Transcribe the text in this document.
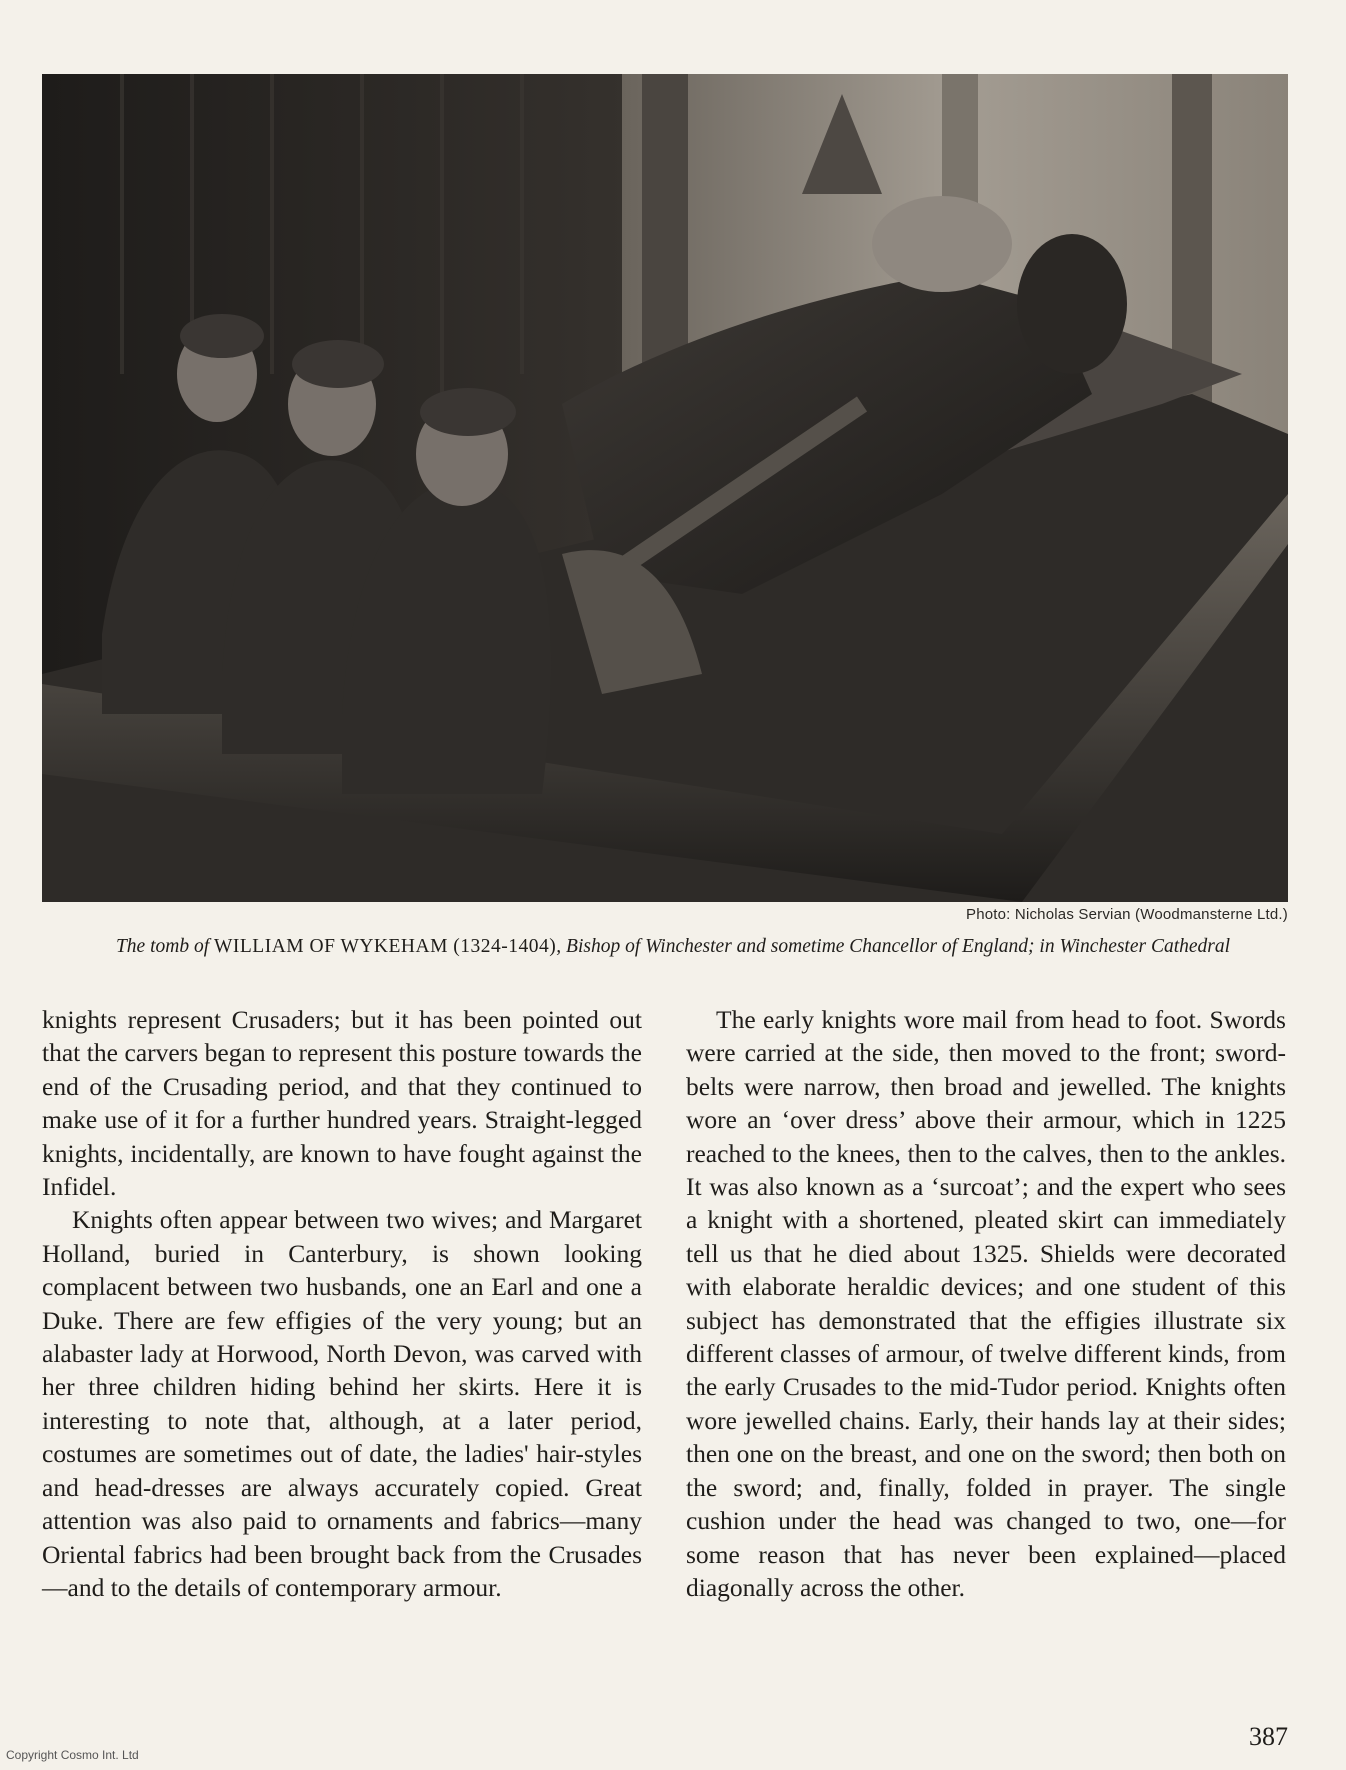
Photo: Nicholas Servian (Woodmansterne Ltd.)
The tomb of WILLIAM OF WYKEHAM (1324-1404), Bishop of Winchester and sometime Chancellor of England; in Winchester Cathedral

knights represent Crusaders; but it has been pointed out that the carvers began to represent this posture towards the end of the Crusading period, and that they continued to make use of it for a further hundred years. Straight-legged knights, incidentally, are known to have fought against the Infidel.

Knights often appear between two wives; and Margaret Holland, buried in Canterbury, is shown looking complacent between two husbands, one an Earl and one a Duke. There are few effigies of the very young; but an alabaster lady at Horwood, North Devon, was carved with her three children hiding behind her skirts. Here it is interesting to note that, although, at a later period, costumes are sometimes out of date, the ladies' hair-styles and head-dresses are always accurately copied. Great attention was also paid to ornaments and fabrics—many Oriental fabrics had been brought back from the Crusades—and to the details of contemporary armour.

The early knights wore mail from head to foot. Swords were carried at the side, then moved to the front; sword-belts were narrow, then broad and jewelled. The knights wore an ‘over dress’ above their armour, which in 1225 reached to the knees, then to the calves, then to the ankles. It was also known as a ‘surcoat’; and the expert who sees a knight with a shortened, pleated skirt can immediately tell us that he died about 1325. Shields were decorated with elaborate heraldic devices; and one student of this subject has demonstrated that the effigies illustrate six different classes of armour, of twelve different kinds, from the early Crusades to the mid-Tudor period. Knights often wore jewelled chains. Early, their hands lay at their sides; then one on the breast, and one on the sword; then both on the sword; and, finally, folded in prayer. The single cushion under the head was changed to two, one—for some reason that has never been explained—placed diagonally across the other.

387
Copyright Cosmo Int. Ltd
